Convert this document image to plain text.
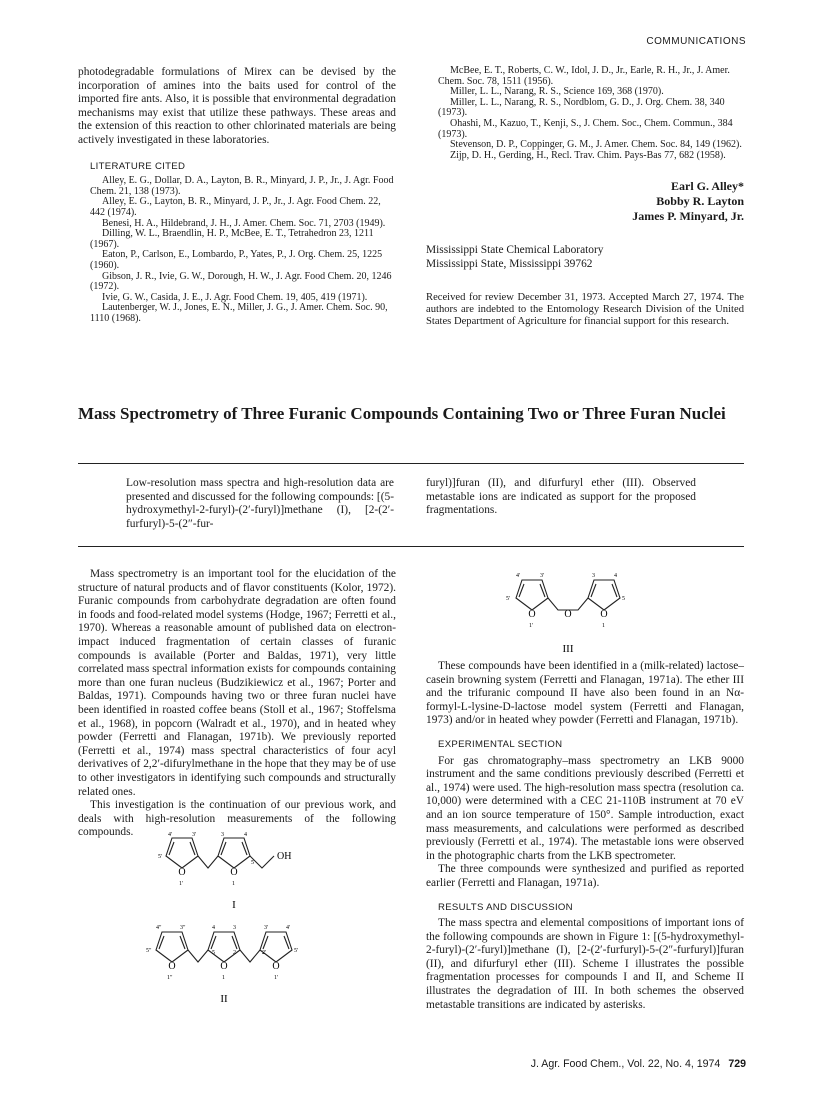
COMMUNICATIONS

photodegradable formulations of Mirex can be devised by the incorporation of amines into the baits used for control of the imported fire ants. Also, it is possible that environmental degradation mechanisms may exist that utilize these pathways. These areas and the extension of this reaction to other chlorinated materials are being actively investigated in these laboratories.

LITERATURE CITED

Alley, E. G., Dollar, D. A., Layton, B. R., Minyard, J. P., Jr., J. Agr. Food Chem. 21, 138 (1973).

Alley, E. G., Layton, B. R., Minyard, J. P., Jr., J. Agr. Food Chem. 22, 442 (1974).

Benesi, H. A., Hildebrand, J. H., J. Amer. Chem. Soc. 71, 2703 (1949).

Dilling, W. L., Braendlin, H. P., McBee, E. T., Tetrahedron 23, 1211 (1967).

Eaton, P., Carlson, E., Lombardo, P., Yates, P., J. Org. Chem. 25, 1225 (1960).

Gibson, J. R., Ivie, G. W., Dorough, H. W., J. Agr. Food Chem. 20, 1246 (1972).

Ivie, G. W., Casida, J. E., J. Agr. Food Chem. 19, 405, 419 (1971).

Lautenberger, W. J., Jones, E. N., Miller, J. G., J. Amer. Chem. Soc. 90, 1110 (1968).

McBee, E. T., Roberts, C. W., Idol, J. D., Jr., Earle, R. H., Jr., J. Amer. Chem. Soc. 78, 1511 (1956).

Miller, L. L., Narang, R. S., Science 169, 368 (1970).

Miller, L. L., Narang, R. S., Nordblom, G. D., J. Org. Chem. 38, 340 (1973).

Ohashi, M., Kazuo, T., Kenji, S., J. Chem. Soc., Chem. Commun., 384 (1973).

Stevenson, D. P., Coppinger, G. M., J. Amer. Chem. Soc. 84, 149 (1962).

Zijp, D. H., Gerding, H., Recl. Trav. Chim. Pays-Bas 77, 682 (1958).

Earl G. Alley*
Bobby R. Layton
James P. Minyard, Jr.
Mississippi State Chemical Laboratory
Mississippi State, Mississippi 39762

Received for review December 31, 1973. Accepted March 27, 1974. The authors are indebted to the Entomology Research Division of the United States Department of Agriculture for financial support for this research.

Mass Spectrometry of Three Furanic Compounds Containing Two or Three Furan Nuclei
Low-resolution mass spectra and high-resolution data are presented and discussed for the following compounds: [(5-hydroxymethyl-2-furyl)-(2′-furyl)]methane (I), [2-(2′-furfuryl)-5-(2″-fur-
furyl)]furan (II), and difurfuryl ether (III). Observed metastable ions are indicated as support for the proposed fragmentations.

Mass spectrometry is an important tool for the elucidation of the structure of natural products and of flavor constituents (Kolor, 1972). Furanic compounds from carbohydrate degradation are often found in foods and food-related model systems (Hodge, 1967; Ferretti et al., 1970). Whereas a reasonable amount of published data on electron-impact induced fragmentation of certain classes of furanic compounds is available (Porter and Baldas, 1971), very little correlated mass spectral information exists for compounds containing more than one furan nucleus (Budzikiewicz et al., 1967; Porter and Baldas, 1971). Compounds having two or three furan nuclei have been identified in roasted coffee beans (Stoll et al., 1967; Stoffelsma et al., 1968), in popcorn (Walradt et al., 1970), and in heated whey powder (Ferretti and Flanagan, 1971b). We previously reported (Ferretti et al., 1974) mass spectral characteristics of four acyl derivatives of 2,2′-difurylmethane in the hope that they may be of use to other investigators in identifying such compounds and structurally related ones.

This investigation is the continuation of our previous work, and deals with high-resolution measurements of the following compounds.

O	O
OH
4′	3′
5′
1′
3	4
5
1
I
O	O	O
4″	3″
5″
1″
4	3
5	2
1
3′	4′
2′	5′
1′
II
O	O	O
4′	3′
5′
1′
3	4
5
1
III

These compounds have been identified in a (milk-related) lactose–casein browning system (Ferretti and Flanagan, 1971a). The ether III and the trifuranic compound II have also been found in an Nα-formyl-L-lysine-D-lactose model system (Ferretti and Flanagan, 1973) and/or in heated whey powder (Ferretti and Flanagan, 1971b).

EXPERIMENTAL SECTION

For gas chromatography–mass spectrometry an LKB 9000 instrument and the same conditions previously described (Ferretti et al., 1974) were used. The high-resolution mass spectra (resolution ca. 10,000) were determined with a CEC 21-110B instrument at 70 eV and an ion source temperature of 150°. Sample introduction, exact mass measurements, and calculations were performed as described previously (Ferretti et al., 1974). The metastable ions were observed in the photographic charts from the LKB spectrometer.

The three compounds were synthesized and purified as reported earlier (Ferretti and Flanagan, 1971a).

RESULTS AND DISCUSSION

The mass spectra and elemental compositions of important ions of the following compounds are shown in Figure 1: [(5-hydroxymethyl-2-furyl)-(2′-furyl)]methane (I), [2-(2′-furfuryl)-5-(2″-furfuryl)]furan (II), and difurfuryl ether (III). Scheme I illustrates the possible fragmentation processes for compounds I and II, and Scheme II illustrates the degradation of III. In both schemes the observed metastable transitions are indicated by asterisks.

J. Agr. Food Chem., Vol. 22, No. 4, 1974 729
